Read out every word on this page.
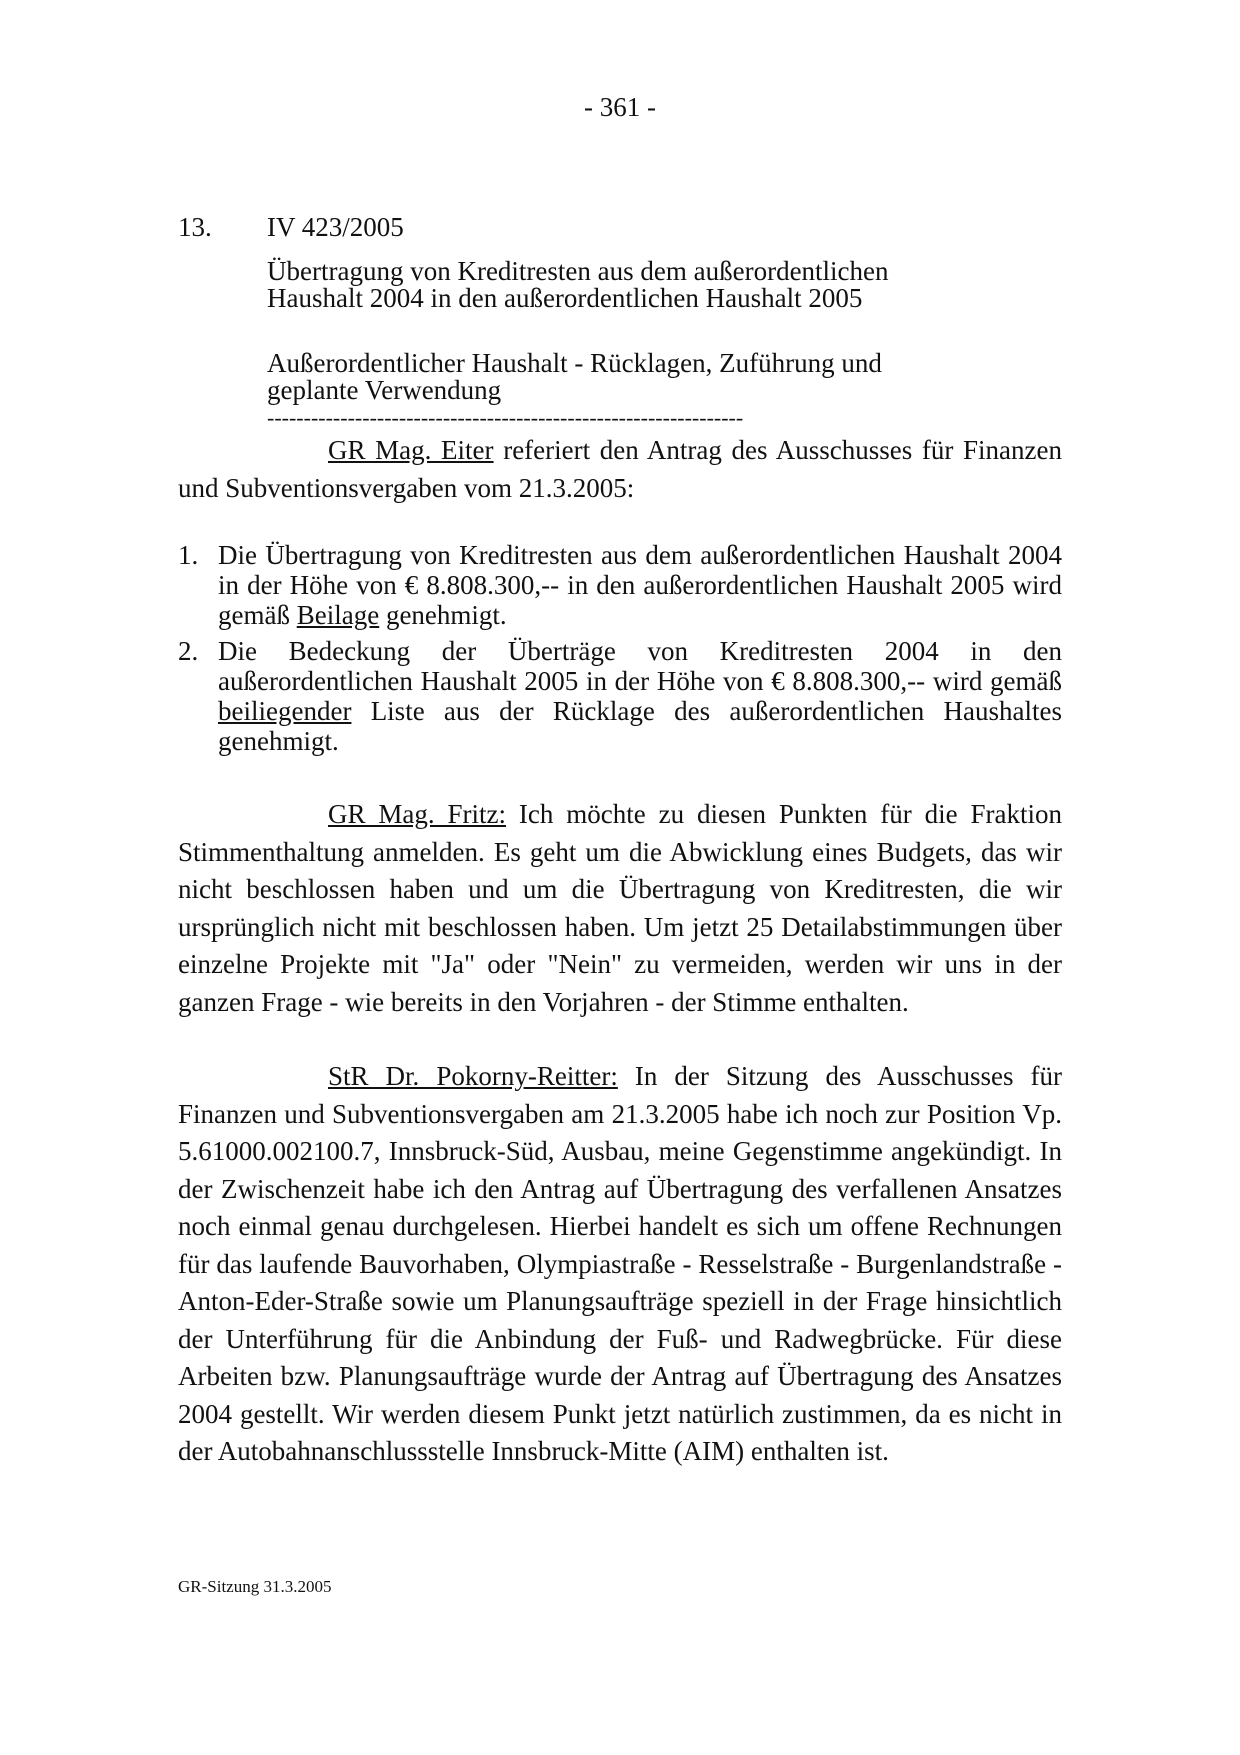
- 361 -
13. IV 423/2005
Übertragung von Kreditresten aus dem außerordentlichen Haushalt 2004 in den außerordentlichen Haushalt 2005
Außerordentlicher Haushalt - Rücklagen, Zuführung und geplante Verwendung
-----------------------------------------------------------------
GR Mag. Eiter referiert den Antrag des Ausschusses für Finanzen und Subventionsvergaben vom 21.3.2005:
1. Die Übertragung von Kreditresten aus dem außerordentlichen Haushalt 2004 in der Höhe von € 8.808.300,-- in den außerordentlichen Haushalt 2005 wird gemäß Beilage genehmigt.
2. Die Bedeckung der Überträge von Kreditresten 2004 in den außerordentlichen Haushalt 2005 in der Höhe von € 8.808.300,-- wird gemäß beiliegender Liste aus der Rücklage des außerordentlichen Haushaltes genehmigt.
GR Mag. Fritz: Ich möchte zu diesen Punkten für die Fraktion Stimmenthaltung anmelden. Es geht um die Abwicklung eines Budgets, das wir nicht beschlossen haben und um die Übertragung von Kreditresten, die wir ursprünglich nicht mit beschlossen haben. Um jetzt 25 Detailabstimmungen über einzelne Projekte mit "Ja" oder "Nein" zu vermeiden, werden wir uns in der ganzen Frage - wie bereits in den Vorjahren - der Stimme enthalten.
StR Dr. Pokorny-Reitter: In der Sitzung des Ausschusses für Finanzen und Subventionsvergaben am 21.3.2005 habe ich noch zur Position Vp. 5.61000.002100.7, Innsbruck-Süd, Ausbau, meine Gegenstimme angekündigt. In der Zwischenzeit habe ich den Antrag auf Übertragung des verfallenen Ansatzes noch einmal genau durchgelesen. Hierbei handelt es sich um offene Rechnungen für das laufende Bauvorhaben, Olympiastraße - Resselstraße - Burgenlandstraße - Anton-Eder-Straße sowie um Planungsaufträge speziell in der Frage hinsichtlich der Unterführung für die Anbindung der Fuß- und Radwegbrücke. Für diese Arbeiten bzw. Planungsaufträge wurde der Antrag auf Übertragung des Ansatzes 2004 gestellt. Wir werden diesem Punkt jetzt natürlich zustimmen, da es nicht in der Autobahnanschlussstelle Innsbruck-Mitte (AIM) enthalten ist.
GR-Sitzung 31.3.2005
